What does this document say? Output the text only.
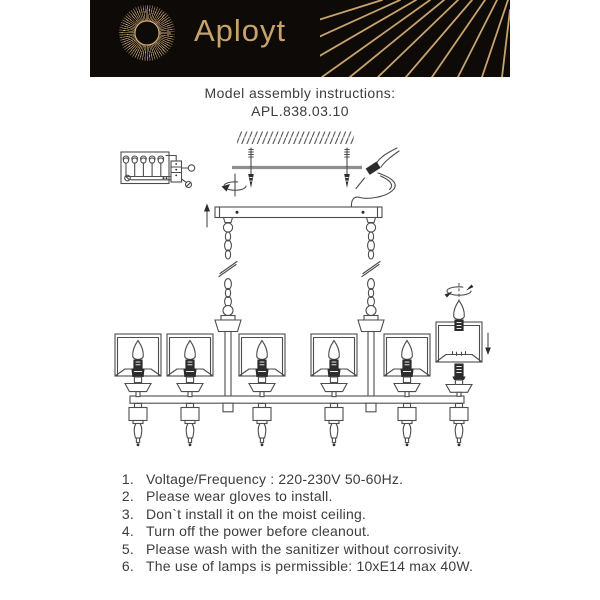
Aployt
Model assembly instructions:
APL.838.03.10
1. Voltage/Frequency : 220-230V 50-60Hz.
2. Please wear gloves to install.
3. Don`t install it on the moist ceiling.
4. Turn off the power before cleanout.
5. Please wash with the sanitizer without corrosivity.
6. The use of lamps is permissible: 10xE14 max 40W.
